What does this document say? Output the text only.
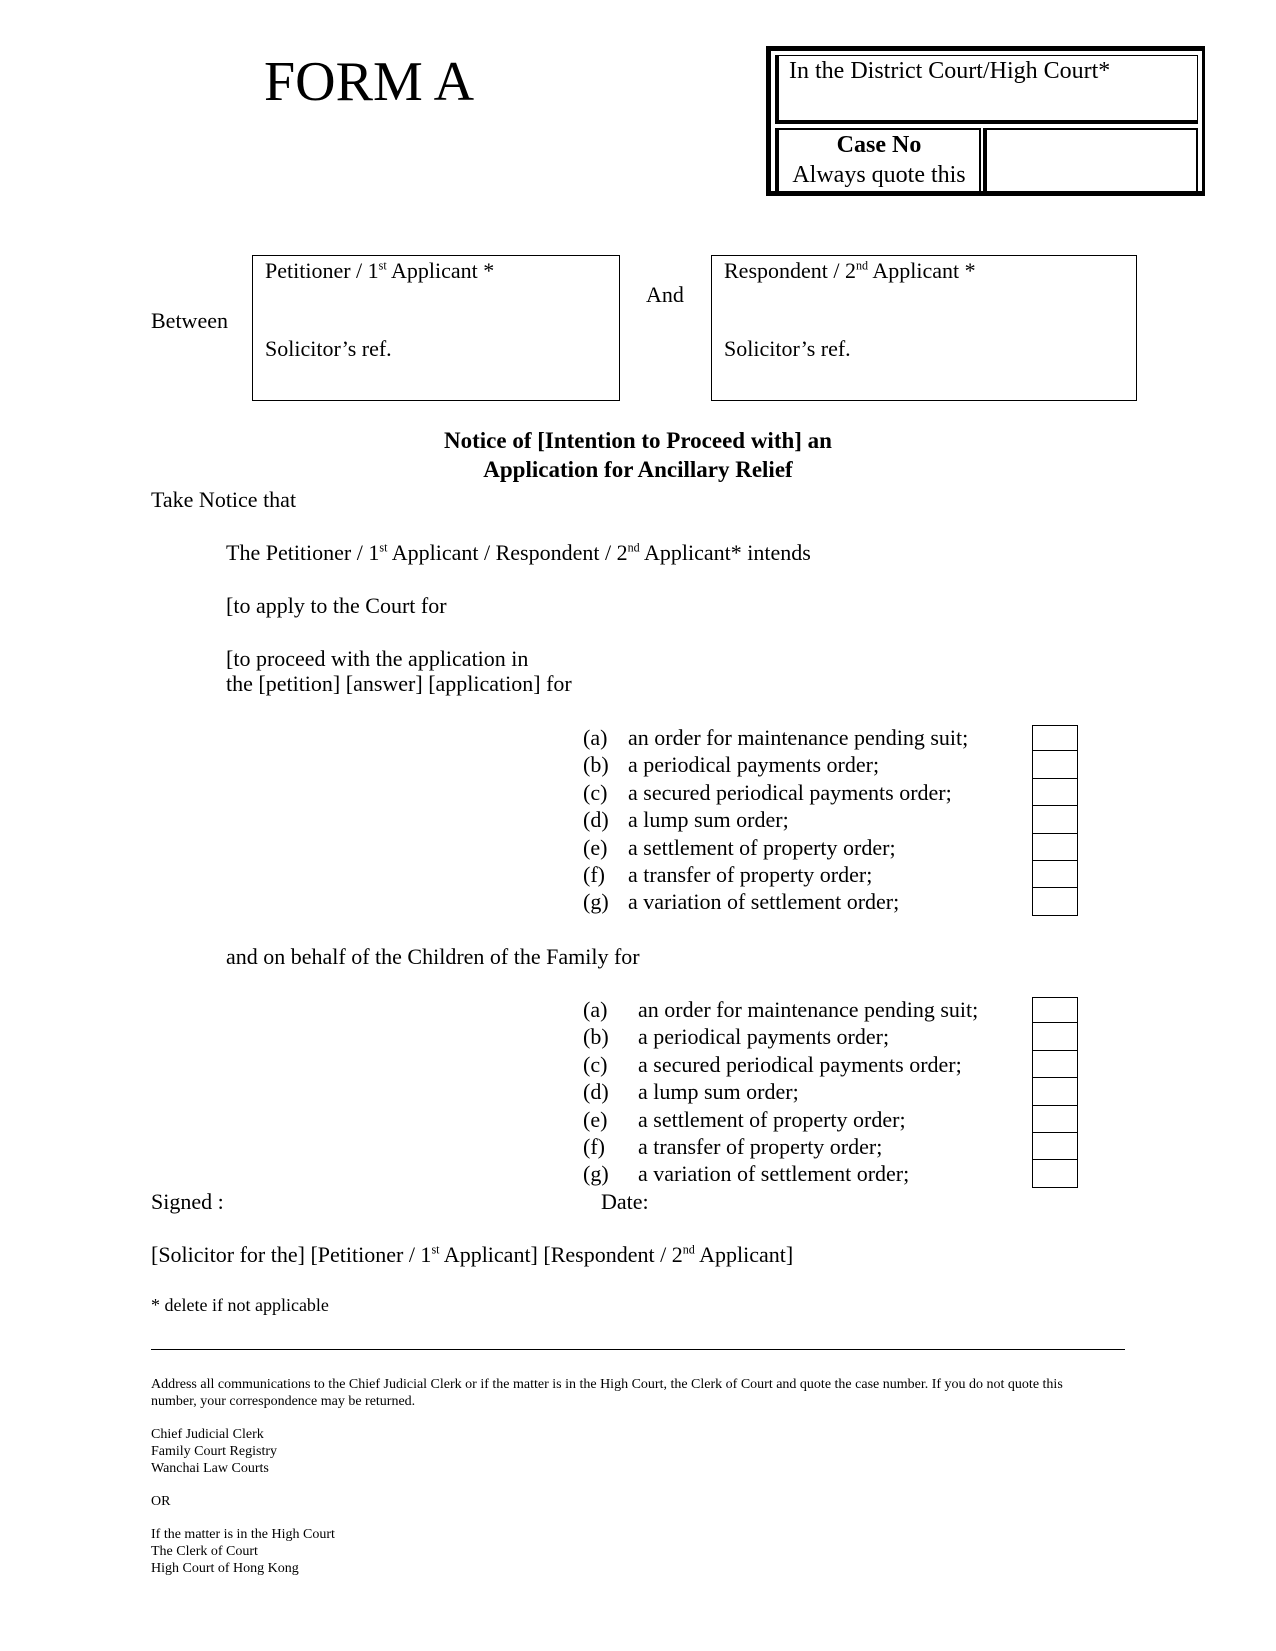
FORM A	In the District Court/High Court*
Case No
Always quote this
Between
Petitioner / 1st Applicant *
Solicitor’s ref.
And
Respondent / 2nd Applicant *
Solicitor’s ref.
Notice of [Intention to Proceed with] an
Application for Ancillary Relief
Take Notice that
The Petitioner / 1st Applicant / Respondent / 2nd Applicant* intends
[to apply to the Court for
[to proceed with the application in
the [petition] [answer] [application] for
(a) an order for maintenance pending suit;
(b) a periodical payments order;
(c) a secured periodical payments order;
(d) a lump sum order;
(e) a settlement of property order;
(f) a transfer of property order;
(g) a variation of settlement order;
and on behalf of the Children of the Family for
(a) an order for maintenance pending suit;
(b) a periodical payments order;
(c) a secured periodical payments order;
(d) a lump sum order;
(e) a settlement of property order;
(f) a transfer of property order;
(g) a variation of settlement order;
Signed :	Date:
[Solicitor for the] [Petitioner / 1st Applicant] [Respondent / 2nd Applicant]
* delete if not applicable
Address all communications to the Chief Judicial Clerk or if the matter is in the High Court, the Clerk of Court and quote the case number. If you do not quote this
number, your correspondence may be returned.
Chief Judicial Clerk
Family Court Registry
Wanchai Law Courts
OR
If the matter is in the High Court
The Clerk of Court
High Court of Hong Kong
